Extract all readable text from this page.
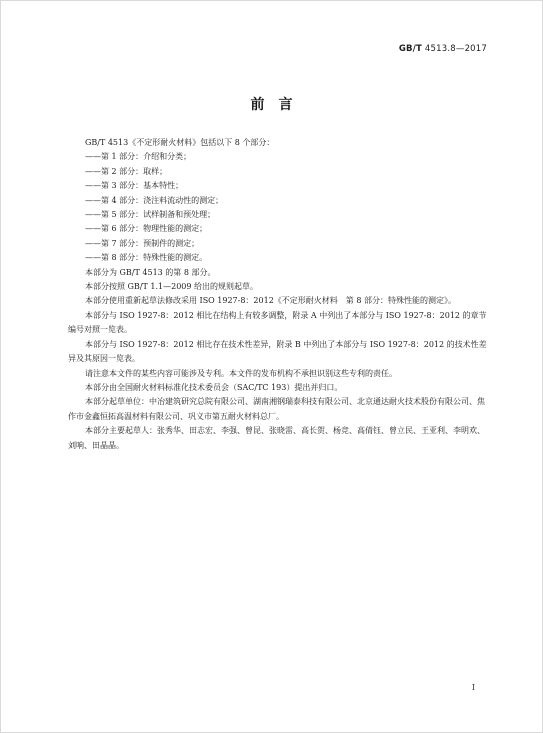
GB/T 4513.8—2017
前　言

GB/T 4513《不定形耐火材料》包括以下 8 个部分：

——第 1 部分：介绍和分类；

——第 2 部分：取样；

——第 3 部分：基本特性；

——第 4 部分：浇注料流动性的测定；

——第 5 部分：试样制备和预处理；

——第 6 部分：物理性能的测定；

——第 7 部分：预制件的测定；

——第 8 部分：特殊性能的测定。

本部分为 GB/T 4513 的第 8 部分。

本部分按照 GB/T 1.1—2009 给出的规则起草。

本部分使用重新起草法修改采用 ISO 1927-8：2012《不定形耐火材料　第 8 部分：特殊性能的测定》。

本部分与 ISO 1927-8：2012 相比在结构上有较多调整，附录 A 中列出了本部分与 ISO 1927-8：2012 的章节编号对照一览表。

本部分与 ISO 1927-8：2012 相比存在技术性差异，附录 B 中列出了本部分与 ISO 1927-8：2012 的技术性差异及其原因一览表。

请注意本文件的某些内容可能涉及专利。本文件的发布机构不承担识别这些专利的责任。

本部分由全国耐火材料标准化技术委员会（SAC/TC 193）提出并归口。

本部分起草单位：中冶建筑研究总院有限公司、湖南湘钢瑞泰科技有限公司、北京通达耐火技术股份有限公司、焦作市金鑫恒拓高温材料有限公司、巩义市第五耐火材料总厂。

本部分主要起草人：张秀华、田志宏、李强、曾昆、张晓雷、高长贺、杨竞、高倩钰、曾立民、王亚利、李明欢、刘响、田晶晶。

I
